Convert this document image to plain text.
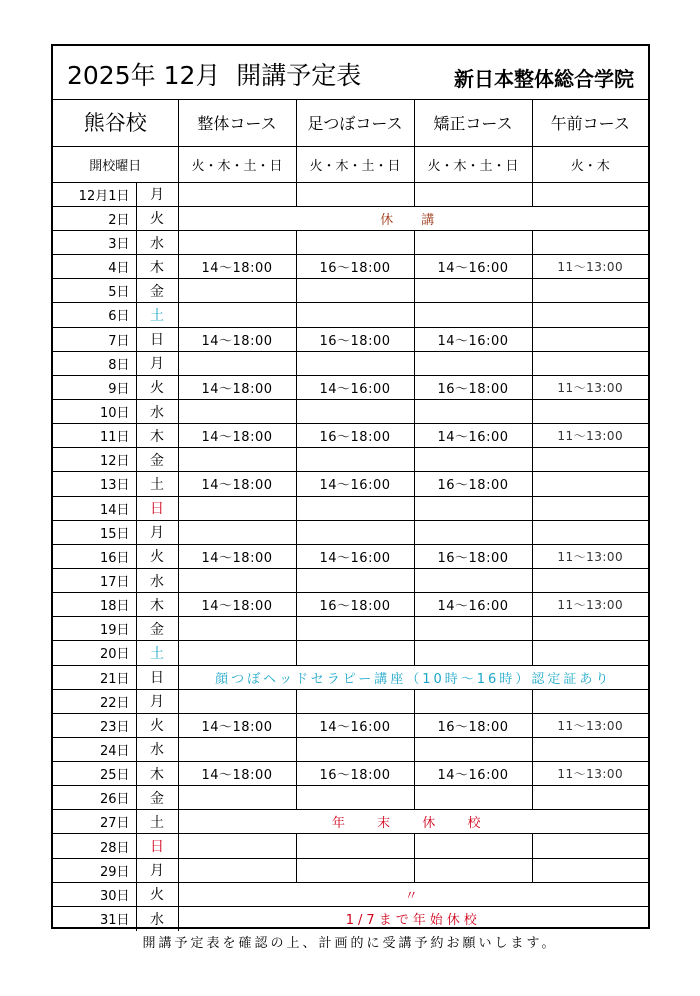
2025年 12月  開講予定表	新日本整体総合学院
熊谷校		整体コース	足つぼコース	矯正コース	午前コース
開校曜日		火・木・土・日	火・木・土・日	火・木・土・日	火・木
12月1日	月				
2日	火	休 講			
3日	水				
4日	木	14～18:00	16～18:00	14～16:00	11～13:00
5日	金				
6日	土				
7日	日	14～18:00	16～18:00	14～16:00	
8日	月				
9日	火	14～18:00	14～16:00	16～18:00	11～13:00
10日	水				
11日	木	14～18:00	16～18:00	14～16:00	11～13:00
12日	金				
13日	土	14～18:00	14～16:00	16～18:00	
14日	日				
15日	月				
16日	火	14～18:00	14～16:00	16～18:00	11～13:00
17日	水				
18日	木	14～18:00	16～18:00	14～16:00	11～13:00
19日	金				
20日	土				
21日	日	顔つぼヘッドセラピー講座（10時～16時）認定証あり			
22日	月				
23日	火	14～18:00	14～16:00	16～18:00	11～13:00
24日	水				
25日	木	14～18:00	16～18:00	14～16:00	11～13:00
26日	金				
27日	土	年 末 休 校			
28日	日				
29日	月				
30日	火	〃			
31日	水	1/7まで年始休校			
開講予定表を確認の上、計画的に受講予約お願いします。
